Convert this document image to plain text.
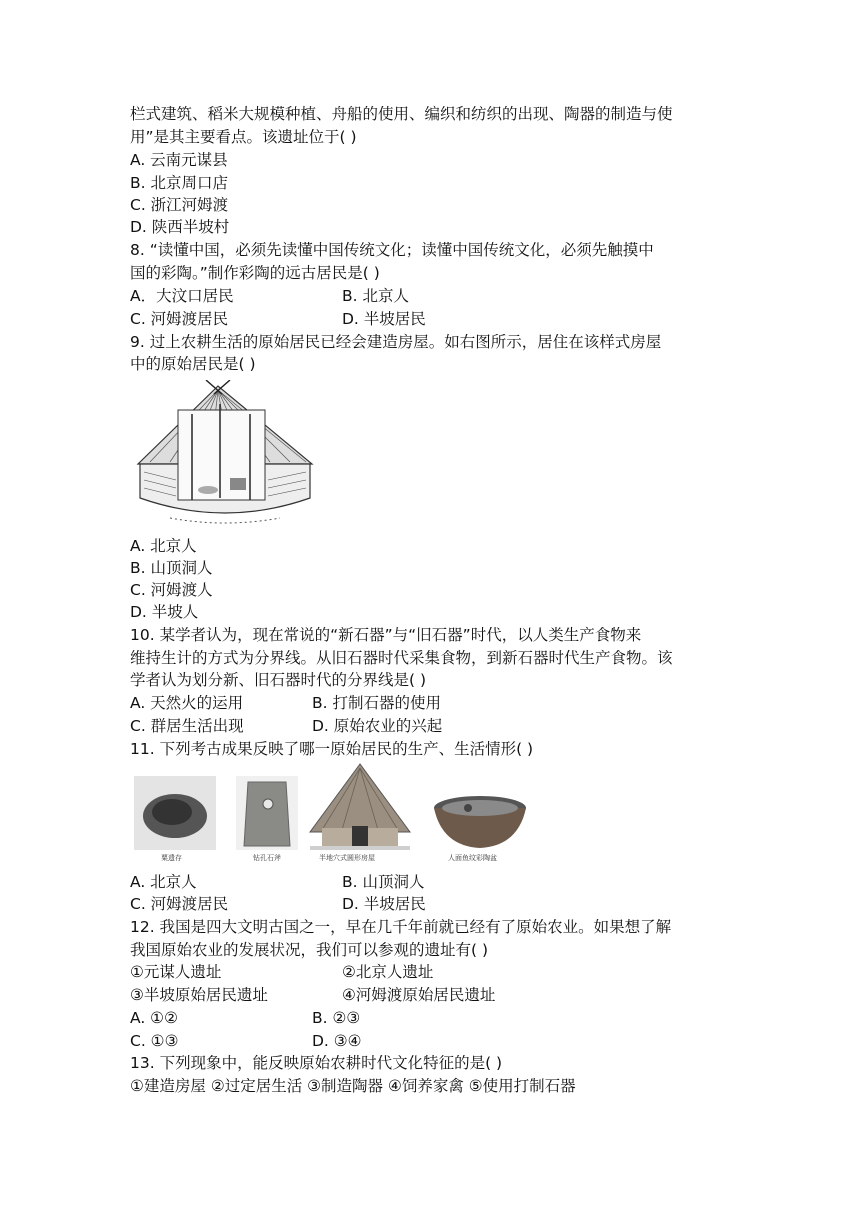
栏式建筑、稻米大规模种植、舟船的使用、编织和纺织的出现、陶器的制造与使
用”是其主要看点。该遗址位于( )
A. 云南元谋县
B. 北京周口店
C. 浙江河姆渡
D. 陕西半坡村
8. “读懂中国，必须先读懂中国传统文化；读懂中国传统文化，必须先触摸中
国的彩陶。”制作彩陶的远古居民是( )
A．大汶口居民	B. 北京人
C. 河姆渡居民	D. 半坡居民
9. 过上农耕生活的原始居民已经会建造房屋。如右图所示，居住在该样式房屋
中的原始居民是( )
A. 北京人
B. 山顶洞人
C. 河姆渡人
D. 半坡人
10. 某学者认为，现在常说的“新石器”与“旧石器”时代，以人类生产食物来
维持生计的方式为分界线。从旧石器时代采集食物，到新石器时代生产食物。该
学者认为划分新、旧石器时代的分界线是( )
A. 天然火的运用	B. 打制石器的使用
C. 群居生活出现	D. 原始农业的兴起
11. 下列考古成果反映了哪一原始居民的生产、生活情形( )
粟遗存	钻孔石斧	半地穴式圆形房屋	人面鱼纹彩陶盆
A. 北京人	B. 山顶洞人
C. 河姆渡居民	D. 半坡居民
12. 我国是四大文明古国之一，早在几千年前就已经有了原始农业。如果想了解
我国原始农业的发展状况，我们可以参观的遗址有( )
①元谋人遗址	②北京人遗址
③半坡原始居民遗址	④河姆渡原始居民遗址
A. ①②	B. ②③
C. ①③	D. ③④
13. 下列现象中，能反映原始农耕时代文化特征的是( )
①建造房屋 ②过定居生活 ③制造陶器 ④饲养家禽 ⑤使用打制石器
